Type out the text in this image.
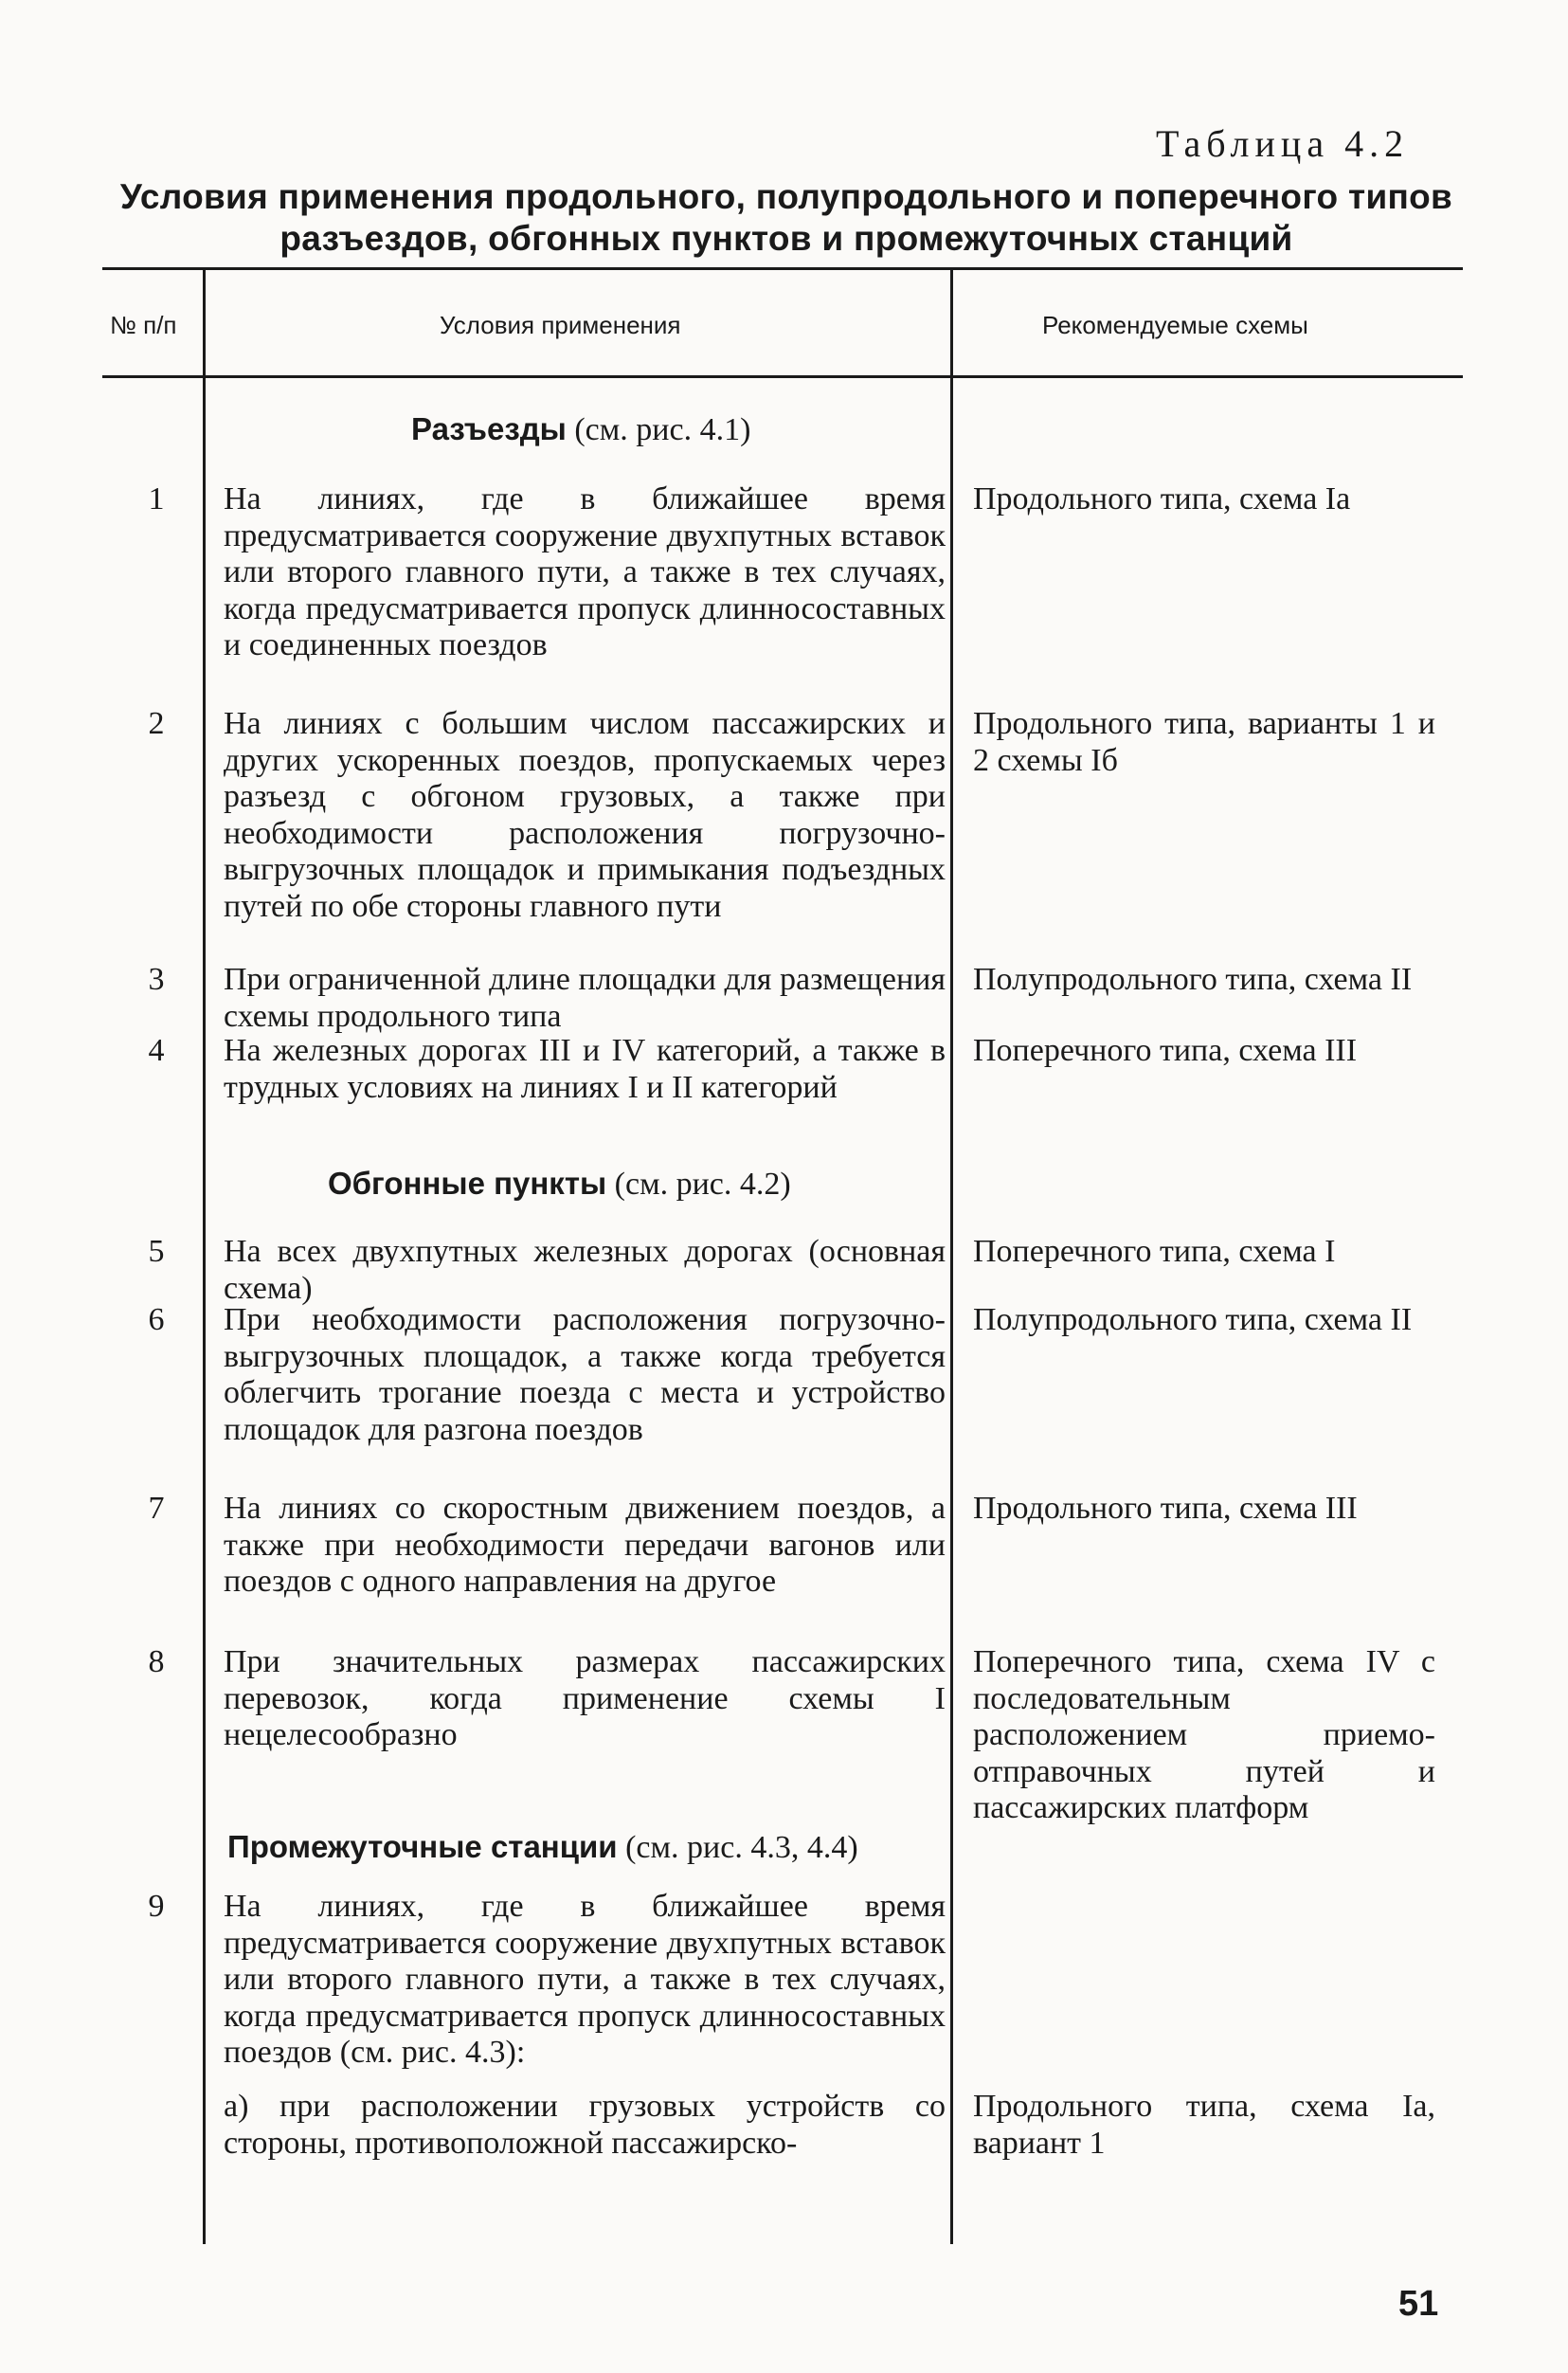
Таблица 4.2
Условия применения продольного, полупродольного и поперечного типов
разъездов, обгонных пунктов и промежуточных станций
№ п/п	Условия применения	Рекомендуемые схемы
Разъезды (см. рис. 4.1)
Обгонные пункты (см. рис. 4.2)
Промежуточные станции (см. рис. 4.3, 4.4)
1 На линиях, где в ближайшее время предусматривается сооружение двухпутных вставок или второго главного пути, а также в тех случаях, когда предусматривается пропуск длинносоставных и соединенных поездов
Продольного типа, схема Ia
2 На линиях с большим числом пассажирских и других ускоренных поездов, пропускаемых через разъезд с обгоном грузовых, а также при необходимости расположения погрузочно-выгрузочных площадок и примыкания подъездных путей по обе стороны главного пути
Продольного типа, варианты 1 и 2 схемы Iб
3 При ограниченной длине площадки для размещения схемы продольного типа
Полупродольного типа, схема II
4 На железных дорогах III и IV категорий, а также в трудных условиях на линиях I и II категорий
Поперечного типа, схема III
5 На всех двухпутных железных дорогах (основная схема)
Поперечного типа, схема I
6 При необходимости расположения погрузочно-выгрузочных площадок, а также когда требуется облегчить трогание поезда с места и устройство площадок для разгона поездов
Полупродольного типа, схема II
7 На линиях со скоростным движением поездов, а также при необходимости передачи вагонов или поездов с одного направления на другое
Продольного типа, схема III
8 При значительных размерах пассажирских перевозок, когда применение схемы I нецелесообразно
Поперечного типа, схема IV с последовательным расположением приемо-отправочных путей и пассажирских платформ
9 На линиях, где в ближайшее время предусматривается сооружение двухпутных вставок или второго главного пути, а также в тех случаях, когда предусматривается пропуск длинносоставных поездов (см. рис. 4.3):
а) при расположении грузовых устройств со стороны, противоположной пассажирско-
Продольного типа, схема Ia, вариант 1
51
